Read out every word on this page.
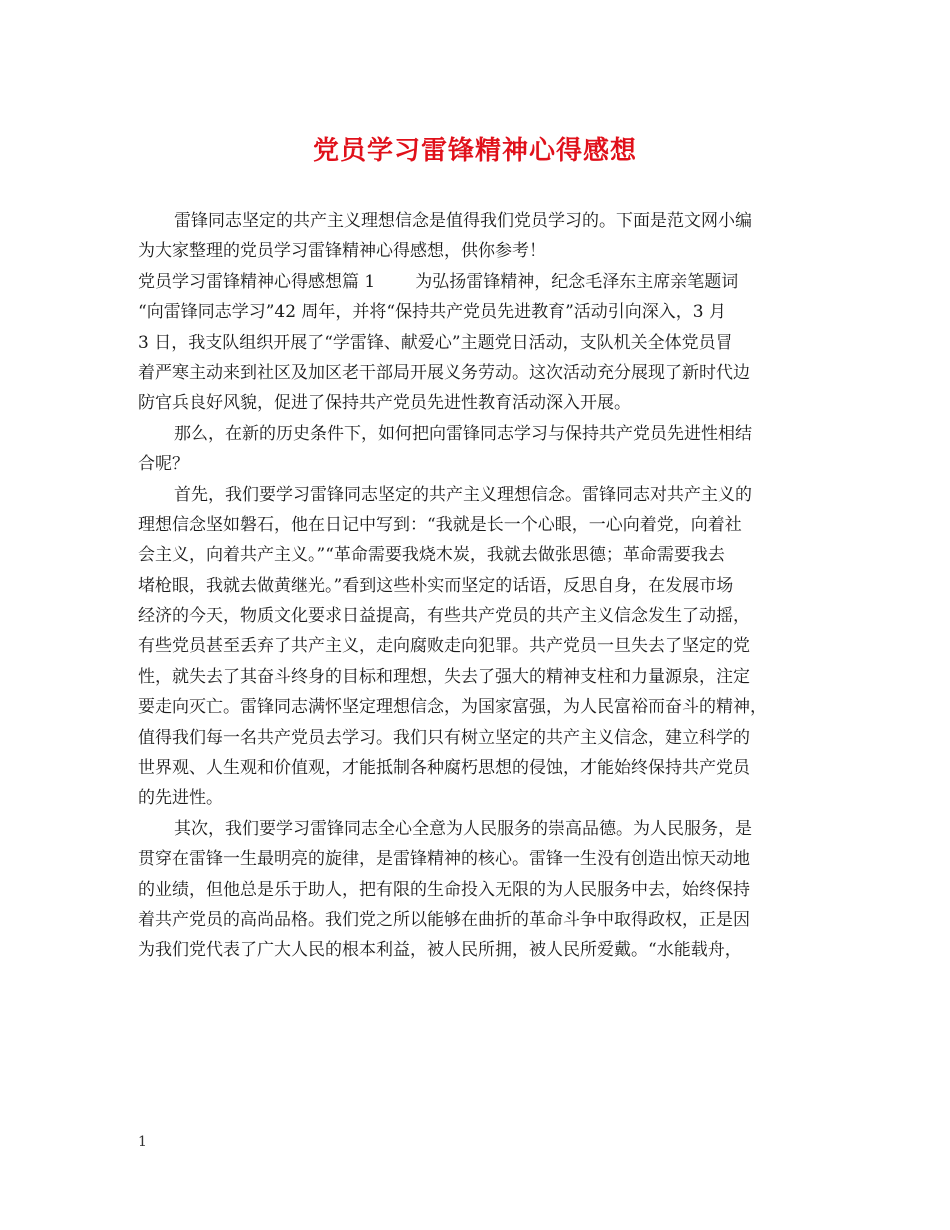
党员学习雷锋精神心得感想
雷锋同志坚定的共产主义理想信念是值得我们党员学习的。下面是范文网小编
为大家整理的党员学习雷锋精神心得感想，供你参考！
党员学习雷锋精神心得感想篇 1 为弘扬雷锋精神，纪念毛泽东主席亲笔题词
“向雷锋同志学习”42 周年，并将“保持共产党员先进教育”活动引向深入，3 月
3 日，我支队组织开展了“学雷锋、献爱心”主题党日活动，支队机关全体党员冒
着严寒主动来到社区及加区老干部局开展义务劳动。这次活动充分展现了新时代边
防官兵良好风貌，促进了保持共产党员先进性教育活动深入开展。
那么，在新的历史条件下，如何把向雷锋同志学习与保持共产党员先进性相结
合呢？
首先，我们要学习雷锋同志坚定的共产主义理想信念。雷锋同志对共产主义的
理想信念坚如磐石，他在日记中写到：“我就是长一个心眼，一心向着党，向着社
会主义，向着共产主义。”“革命需要我烧木炭，我就去做张思德；革命需要我去
堵枪眼，我就去做黄继光。”看到这些朴实而坚定的话语，反思自身，在发展市场
经济的今天，物质文化要求日益提高，有些共产党员的共产主义信念发生了动摇，
有些党员甚至丢弃了共产主义，走向腐败走向犯罪。共产党员一旦失去了坚定的党
性，就失去了其奋斗终身的目标和理想，失去了强大的精神支柱和力量源泉，注定
要走向灭亡。雷锋同志满怀坚定理想信念，为国家富强，为人民富裕而奋斗的精神，
值得我们每一名共产党员去学习。我们只有树立坚定的共产主义信念，建立科学的
世界观、人生观和价值观，才能抵制各种腐朽思想的侵蚀，才能始终保持共产党员
的先进性。
其次，我们要学习雷锋同志全心全意为人民服务的崇高品德。为人民服务，是
贯穿在雷锋一生最明亮的旋律，是雷锋精神的核心。雷锋一生没有创造出惊天动地
的业绩，但他总是乐于助人，把有限的生命投入无限的为人民服务中去，始终保持
着共产党员的高尚品格。我们党之所以能够在曲折的革命斗争中取得政权，正是因
为我们党代表了广大人民的根本利益，被人民所拥，被人民所爱戴。“水能载舟，
1
